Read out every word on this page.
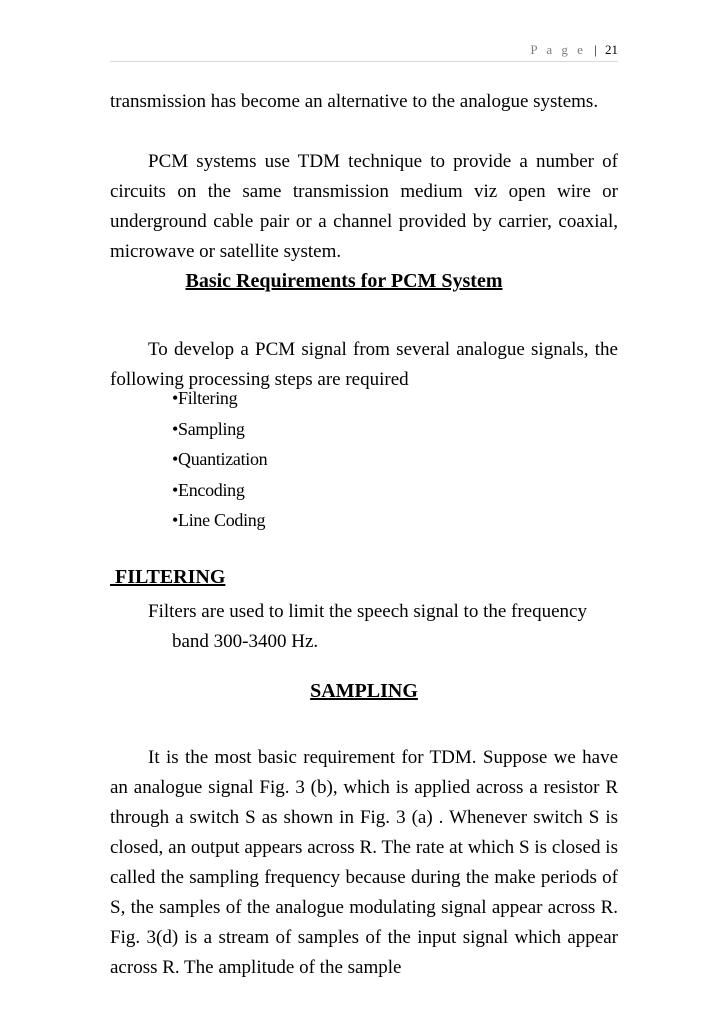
P a g e | 21

transmission has become an alternative to the analogue systems.

PCM systems use TDM technique to provide a number of circuits on the same transmission medium viz open wire or underground cable pair or a channel provided by carrier, coaxial, microwave or satellite system.

Basic Requirements for PCM System

To develop a PCM signal from several analogue signals, the following processing steps are required

•Filtering
•Sampling
•Quantization
•Encoding
•Line Coding
FILTERING
Filters are used to limit the speech signal to the frequency
band 300-3400 Hz.
SAMPLING

It is the most basic requirement for TDM. Suppose we have an analogue signal Fig. 3 (b), which is applied across a resistor R through a switch S as shown in Fig. 3 (a) . Whenever switch S is closed, an output appears across R. The rate at which S is closed is called the sampling frequency because during the make periods of S, the samples of the analogue modulating signal appear across R. Fig. 3(d) is a stream of samples of the input signal which appear across R. The amplitude of the sample
